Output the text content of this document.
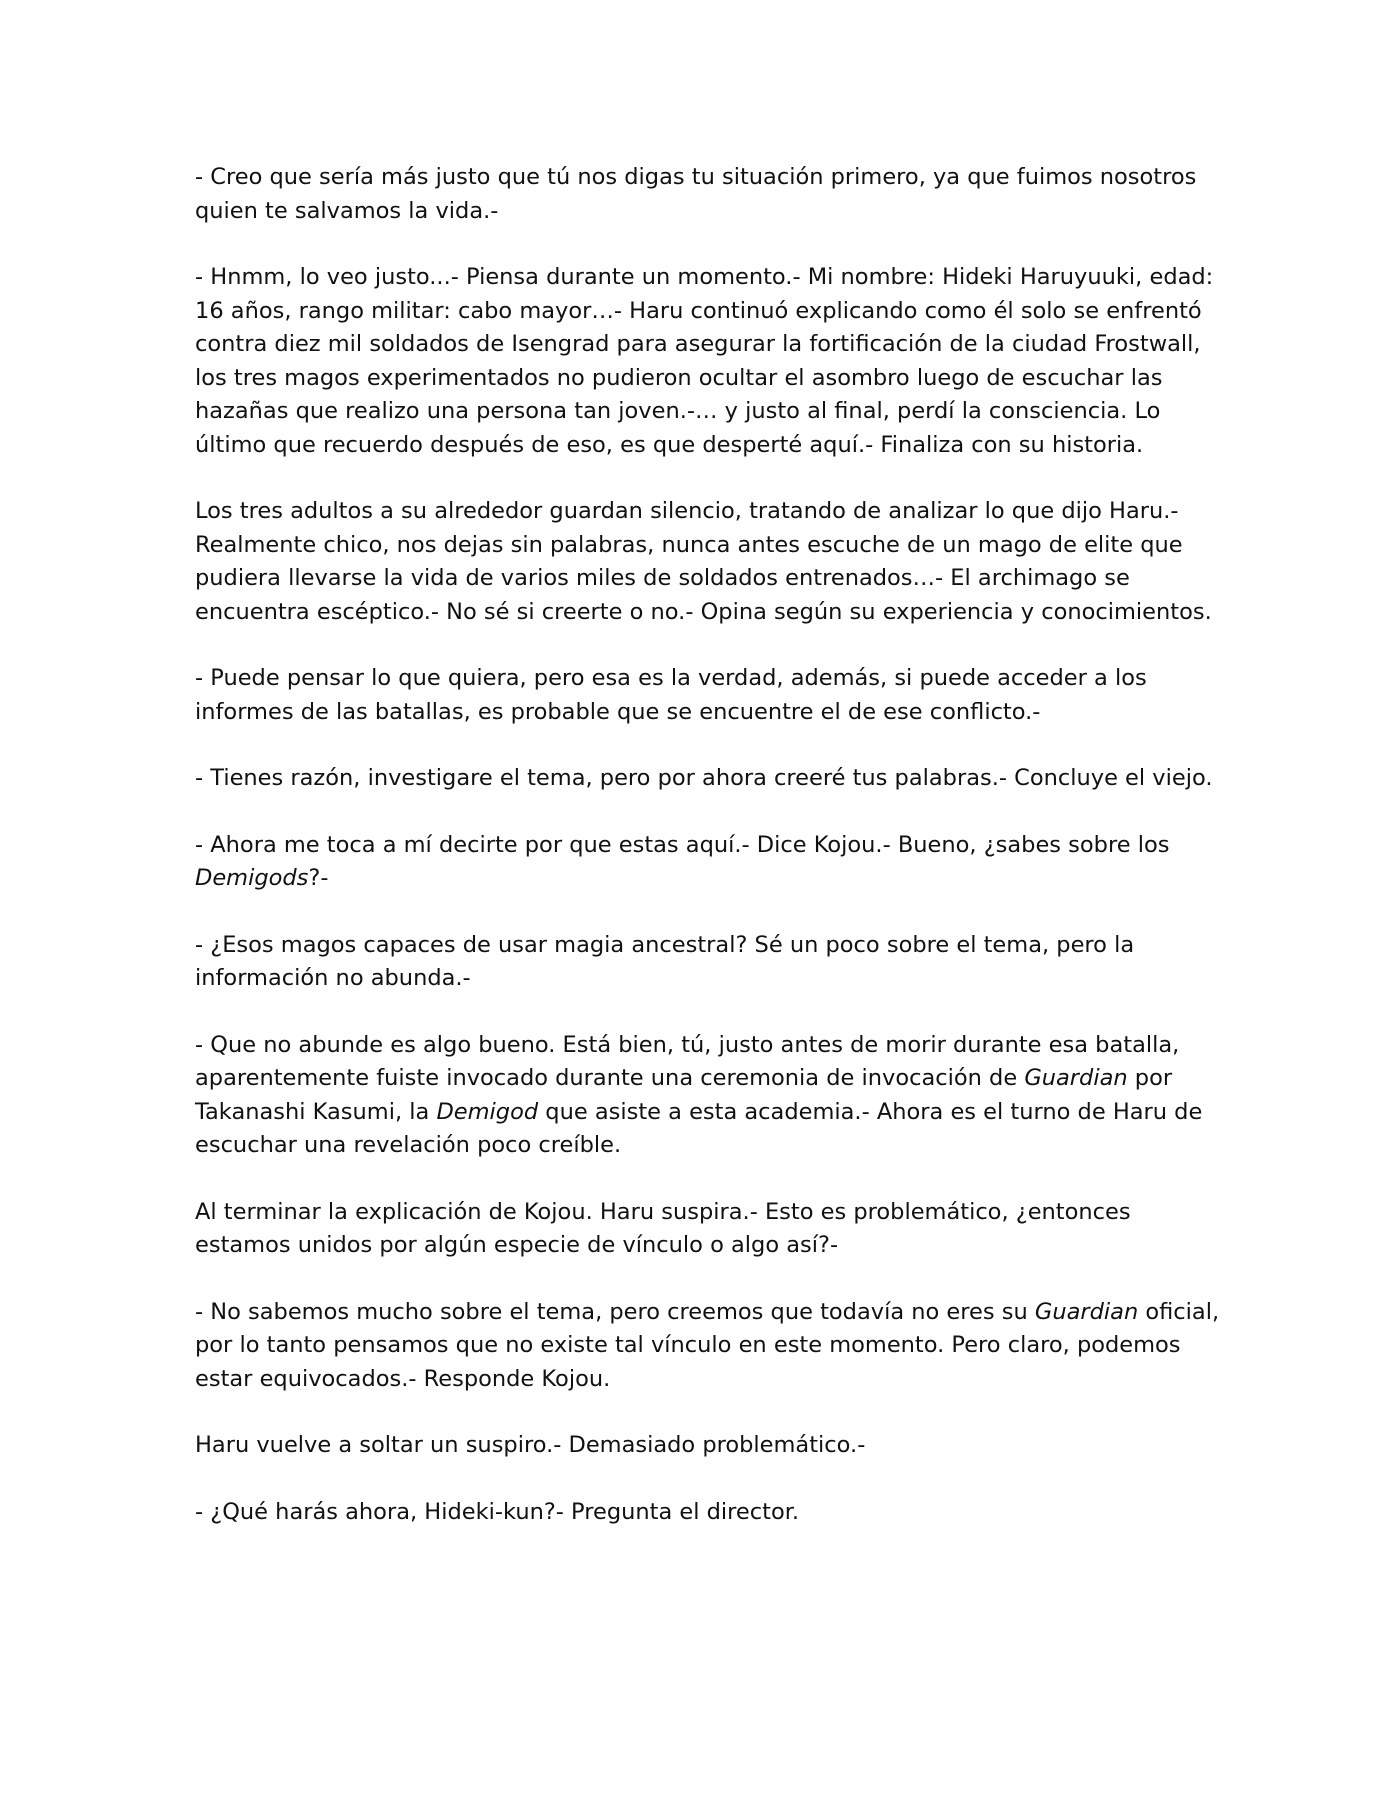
- Creo que sería más justo que tú nos digas tu situación primero, ya que fuimos nosotros quien te salvamos la vida.-

- Hnmm, lo veo justo...- Piensa durante un momento.- Mi nombre: Hideki Haruyuuki, edad: 16 años, rango militar: cabo mayor…- Haru continuó explicando como él solo se enfrentó contra diez mil soldados de Isengrad para asegurar la fortificación de la ciudad Frostwall, los tres magos experimentados no pudieron ocultar el asombro luego de escuchar las hazañas que realizo una persona tan joven.-… y justo al final, perdí la consciencia. Lo último que recuerdo después de eso, es que desperté aquí.- Finaliza con su historia.

Los tres adultos a su alrededor guardan silencio, tratando de analizar lo que dijo Haru.- Realmente chico, nos dejas sin palabras, nunca antes escuche de un mago de elite que pudiera llevarse la vida de varios miles de soldados entrenados…- El archimago se encuentra escéptico.- No sé si creerte o no.- Opina según su experiencia y conocimientos.

- Puede pensar lo que quiera, pero esa es la verdad, además, si puede acceder a los informes de las batallas, es probable que se encuentre el de ese conflicto.-

- Tienes razón, investigare el tema, pero por ahora creeré tus palabras.- Concluye el viejo.

- Ahora me toca a mí decirte por que estas aquí.- Dice Kojou.- Bueno, ¿sabes sobre los Demigods?-

- ¿Esos magos capaces de usar magia ancestral? Sé un poco sobre el tema, pero la información no abunda.-

- Que no abunde es algo bueno. Está bien, tú, justo antes de morir durante esa batalla, aparentemente fuiste invocado durante una ceremonia de invocación de Guardian por Takanashi Kasumi, la Demigod que asiste a esta academia.- Ahora es el turno de Haru de escuchar una revelación poco creíble.

Al terminar la explicación de Kojou. Haru suspira.- Esto es problemático, ¿entonces estamos unidos por algún especie de vínculo o algo así?-

- No sabemos mucho sobre el tema, pero creemos que todavía no eres su Guardian oficial, por lo tanto pensamos que no existe tal vínculo en este momento. Pero claro, podemos estar equivocados.- Responde Kojou.

Haru vuelve a soltar un suspiro.- Demasiado problemático.-

- ¿Qué harás ahora, Hideki-kun?- Pregunta el director.
